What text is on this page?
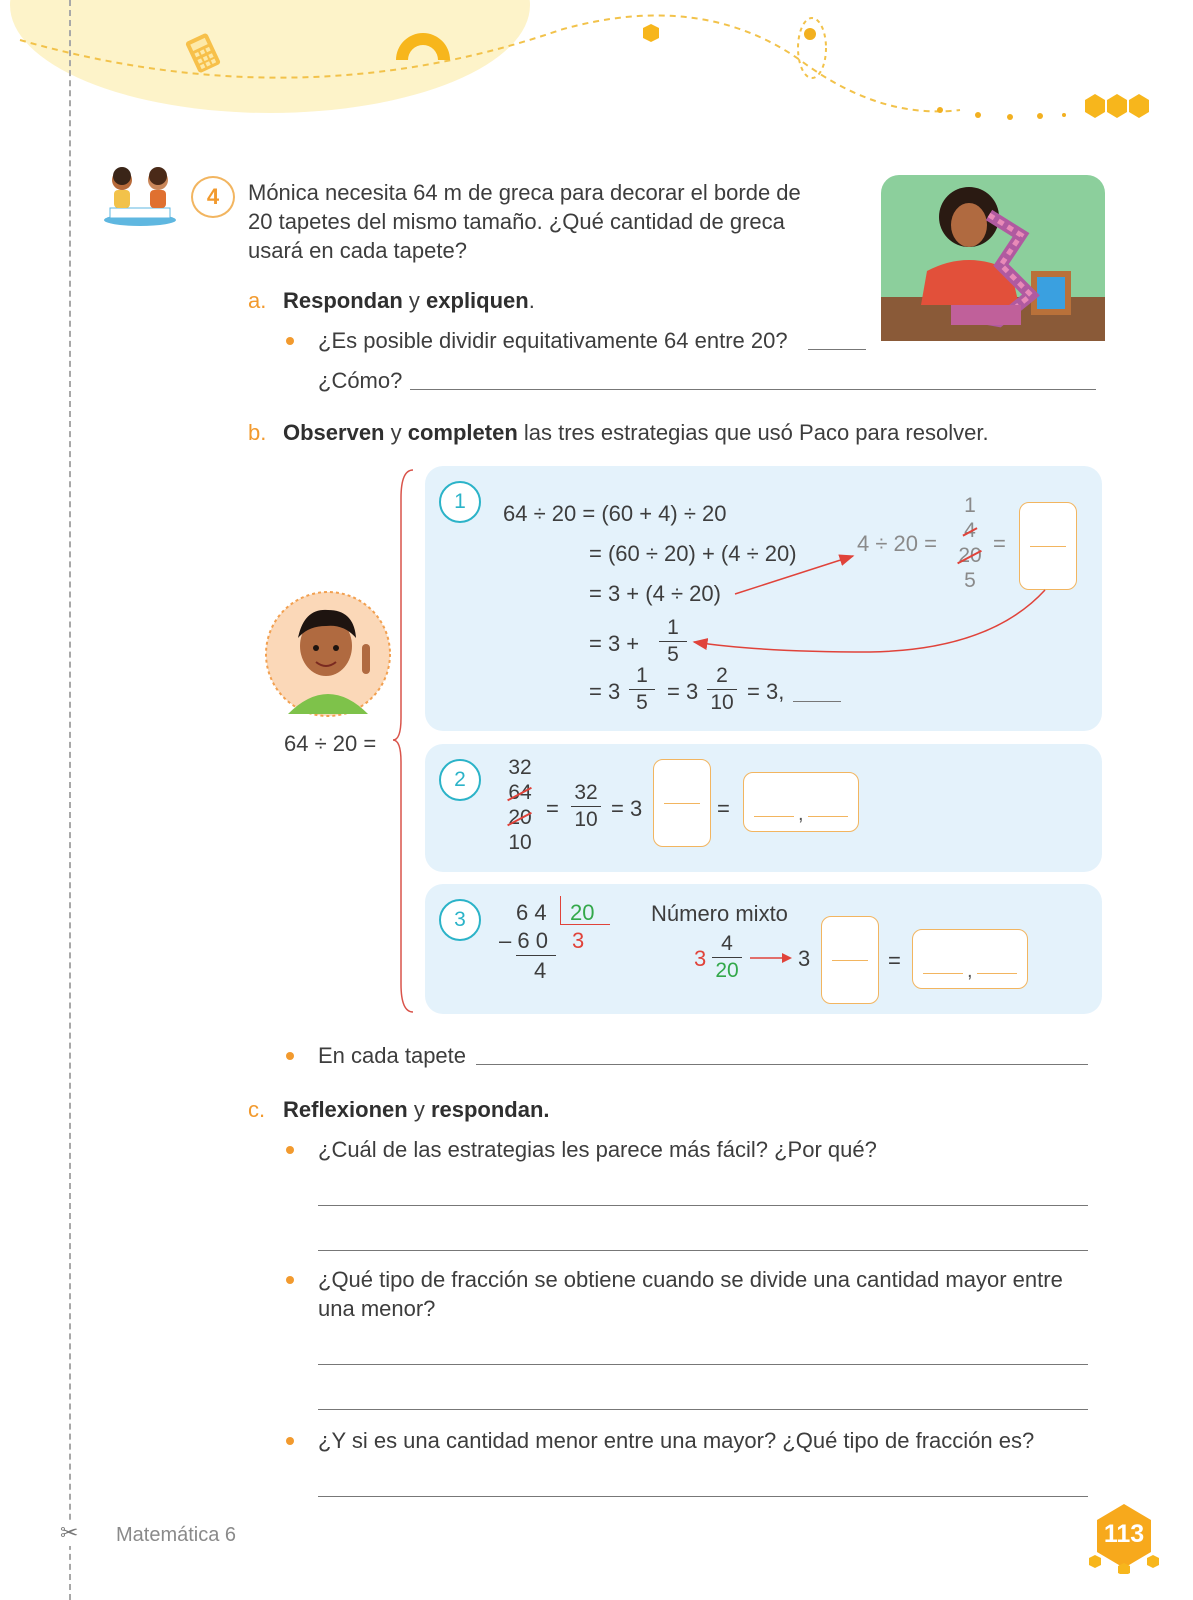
4	Mónica necesita 64 m de greca para decorar el borde de
20 tapetes del mismo tamaño. ¿Qué cantidad de greca
usará en cada tapete?
a. Respondan y expliquen.
¿Es posible dividir equitativamente 64 entre 20?
¿Cómo?
b. Observen y completen las tres estrategias que usó Paco para resolver.
64 ÷ 20 =
1	64 ÷ 20 = (60 + 4) ÷ 20
= (60 ÷ 20) + (4 ÷ 20)
= 3 + (4 ÷ 20)
= 3 +
1
5
= 3
1
5 = 3
2
10 = 3,
4 ÷ 20 =
1
4
20
5
=
2
32
64
20
10
=
32
10 = 3	=	,
3	6 4 20
– 6 0 3
4
Número mixto
3
4
20	3	=	,
En cada tapete
c. Reflexionen y respondan.
¿Cuál de las estrategias les parece más fácil? ¿Por qué?
¿Qué tipo de fracción se obtiene cuando se divide una cantidad mayor entre
una menor?
¿Y si es una cantidad menor entre una mayor? ¿Qué tipo de fracción es?
✂ Matemática 6	113
